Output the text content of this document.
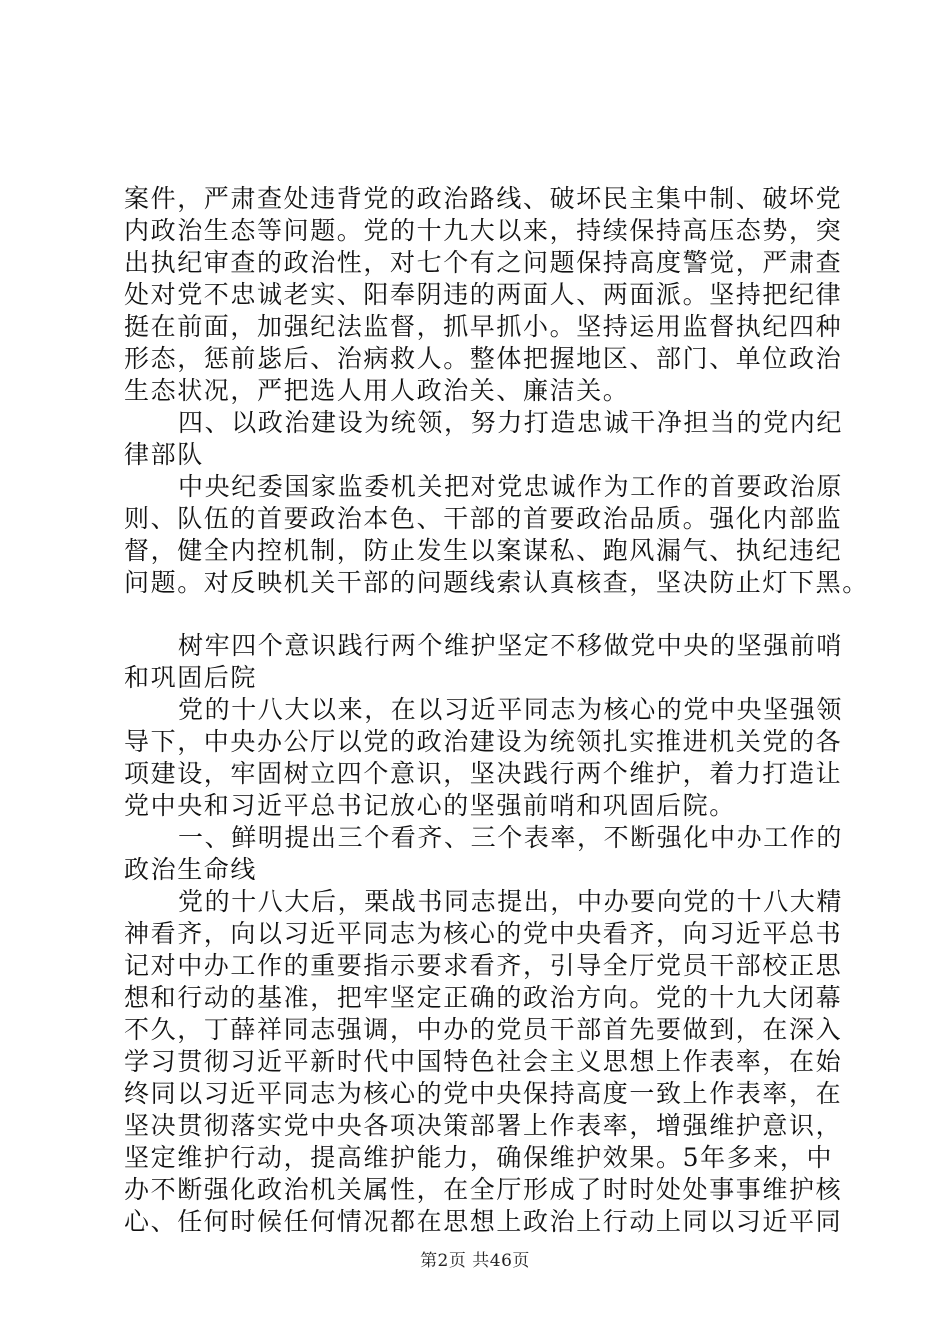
案件，严肃查处违背党的政治路线、破坏民主集中制、破坏党
内政治生态等问题。党的十九大以来，持续保持高压态势，突
出执纪审查的政治性，对七个有之问题保持高度警觉，严肃查
处对党不忠诚老实、阳奉阴违的两面人、两面派。坚持把纪律
挺在前面，加强纪法监督，抓早抓小。坚持运用监督执纪四种
形态，惩前毖后、治病救人。整体把握地区、部门、单位政治
生态状况，严把选人用人政治关、廉洁关。
四、以政治建设为统领，努力打造忠诚干净担当的党内纪
律部队
中央纪委国家监委机关把对党忠诚作为工作的首要政治原
则、队伍的首要政治本色、干部的首要政治品质。强化内部监
督，健全内控机制，防止发生以案谋私、跑风漏气、执纪违纪
问题。对反映机关干部的问题线索认真核查，坚决防止灯下黑。
树牢四个意识践行两个维护坚定不移做党中央的坚强前哨
和巩固后院
党的十八大以来，在以习近平同志为核心的党中央坚强领
导下，中央办公厅以党的政治建设为统领扎实推进机关党的各
项建设，牢固树立四个意识，坚决践行两个维护，着力打造让
党中央和习近平总书记放心的坚强前哨和巩固后院。
一、鲜明提出三个看齐、三个表率，不断强化中办工作的
政治生命线
党的十八大后，栗战书同志提出，中办要向党的十八大精
神看齐，向以习近平同志为核心的党中央看齐，向习近平总书
记对中办工作的重要指示要求看齐，引导全厅党员干部校正思
想和行动的基准，把牢坚定正确的政治方向。党的十九大闭幕
不久，丁薛祥同志强调，中办的党员干部首先要做到，在深入
学习贯彻习近平新时代中国特色社会主义思想上作表率，在始
终同以习近平同志为核心的党中央保持高度一致上作表率，在
坚决贯彻落实党中央各项决策部署上作表率，增强维护意识，
坚定维护行动，提高维护能力，确保维护效果。5年多来，中
办不断强化政治机关属性，在全厅形成了时时处处事事维护核
心、任何时候任何情况都在思想上政治上行动上同以习近平同
第2页 共46页
